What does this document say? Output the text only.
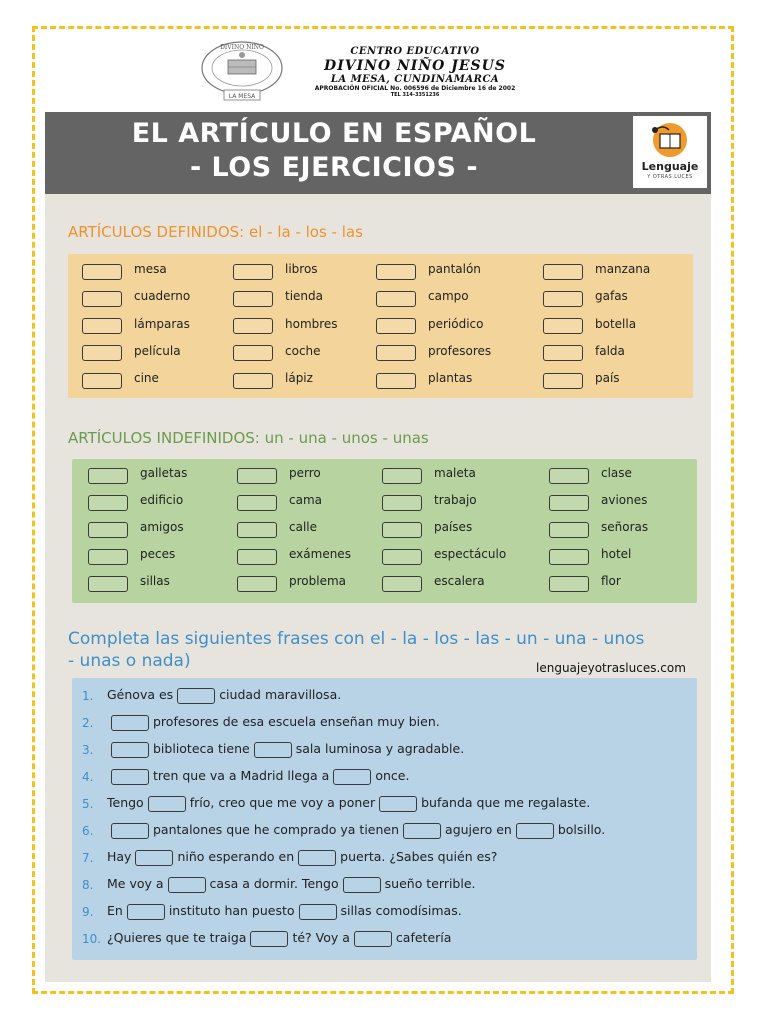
DIVINO NIÑO
LA MESA
CENTRO EDUCATIVO
DIVINO NIÑO JESUS
LA MESA, CUNDINAMARCA
APROBACIÓN OFICIAL No. 006596 de Diciembre 16 de 2002
TEL 314-3351236
EL ARTÍCULO EN ESPAÑOL
- LOS EJERCICIOS -	Lenguaje
Y OTRAS LUCES
ARTÍCULOS DEFINIDOS: el - la - los - las
mesa	libros	pantalón	manzana
cuaderno	tienda	campo	gafas
lámparas	hombres	periódico	botella
película	coche	profesores	falda
cine	lápiz	plantas	país
ARTÍCULOS INDEFINIDOS: un - una - unos - unas
galletas	perro	maleta	clase
edificio	cama	trabajo	aviones
amigos	calle	países	señoras
peces	exámenes	espectáculo	hotel
sillas	problema	escalera	flor
Completa las siguientes frases con el - la - los - las - un - una - unos - unas o nada)	lenguajeyotrasluces.com
1. Génova es	ciudad maravillosa.
2.	profesores de esa escuela enseñan muy bien.
3.	biblioteca tiene	sala luminosa y agradable.
4.	tren que va a Madrid llega a	once.
5. Tengo	frío, creo que me voy a poner	bufanda que me regalaste.
6.	pantalones que he comprado ya tienen	agujero en	bolsillo.
7. Hay	niño esperando en	puerta. ¿Sabes quién es?
8. Me voy a	casa a dormir. Tengo	sueño terrible.
9. En	instituto han puesto	sillas comodísimas.
10. ¿Quieres que te traiga	té? Voy a	cafetería
